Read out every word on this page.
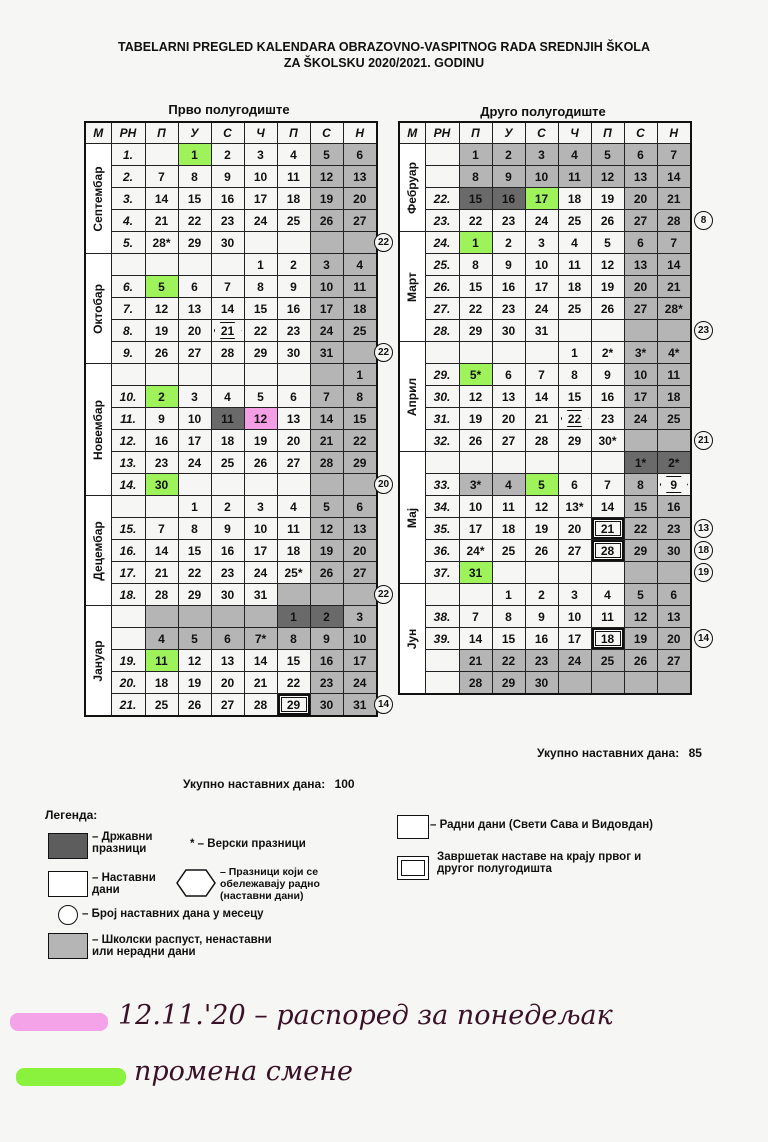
TABELARNI PREGLED KALENDARA OBRAZOVNO-VASPITNOG RADA SREDNJIH ŠKOLA
ZA ŠKOLSKU 2020/2021. GODINU
Прво полугодиште	Друго полугодиште
М	РН	П	У	С	Ч	П	С	Н

Септембар	1.		1	2	3	4	5	6
	2.	7	8	9	10	11	12	13
	3.	14	15	16	17	18	19	20
	4.	21	22	23	24	25	26	27
	5.	28*	29	30				

Октобар					1	2	3	4
	6.	5	6	7	8	9	10	11
	7.	12	13	14	15	16	17	18
	8.	19	20	21	22	23	24	25
	9.	26	27	28	29	30	31	

Новембар								1
	10.	2	3	4	5	6	7	8
	11.	9	10	11	12	13	14	15
	12.	16	17	18	19	20	21	22
	13.	23	24	25	26	27	28	29
	14.	30						

Децембар			1	2	3	4	5	6
	15.	7	8	9	10	11	12	13
	16.	14	15	16	17	18	19	20
	17.	21	22	23	24	25*	26	27
	18.	28	29	30	31			

Јануар						1	2	3
		4	5	6	7*	8	9	10
	19.	11	12	13	14	15	16	17
	20.	18	19	20	21	22	23	24
	21.	25	26	27	28	29	30	31
М	РН	П	У	С	Ч	П	С	Н

Фебруар		1	2	3	4	5	6	7
		8	9	10	11	12	13	14
	22.	15	16	17	18	19	20	21
	23.	22	23	24	25	26	27	28

Март	24.	1	2	3	4	5	6	7
	25.	8	9	10	11	12	13	14
	26.	15	16	17	18	19	20	21
	27.	22	23	24	25	26	27	28*
	28.	29	30	31				

Април					1	2*	3*	4*
	29.	5*	6	7	8	9	10	11
	30.	12	13	14	15	16	17	18
	31.	19	20	21	22	23	24	25
	32.	26	27	28	29	30*		

Мај							1*	2*
	33.	3*	4	5	6	7	8	9
	34.	10	11	12	13*	14	15	16
	35.	17	18	19	20	21	22	23
	36.	24*	25	26	27	28	29	30
	37.	31						

Јун			1	2	3	4	5	6
	38.	7	8	9	10	11	12	13
	39.	14	15	16	17	18	19	20
		21	22	23	24	25	26	27
		28	29	30				
22
22
20
22
14
8
23
21
14
13
18
19
Укупно наставних дана: 100
Укупно наставних дана: 85
Легенда:
– Државни празници	* – Верски празници
– Наставни дани
– Празници који се обележавају радно (наставни дани)
– Број наставних дана у месецу
– Школски распуст, ненаставни или нерадни дани
– Радни дани (Свети Сава и Видовдан)
Завршетак наставе на крају првог и другог полугодишта
12.11.'20 – распоред за понедељак
промена смене
